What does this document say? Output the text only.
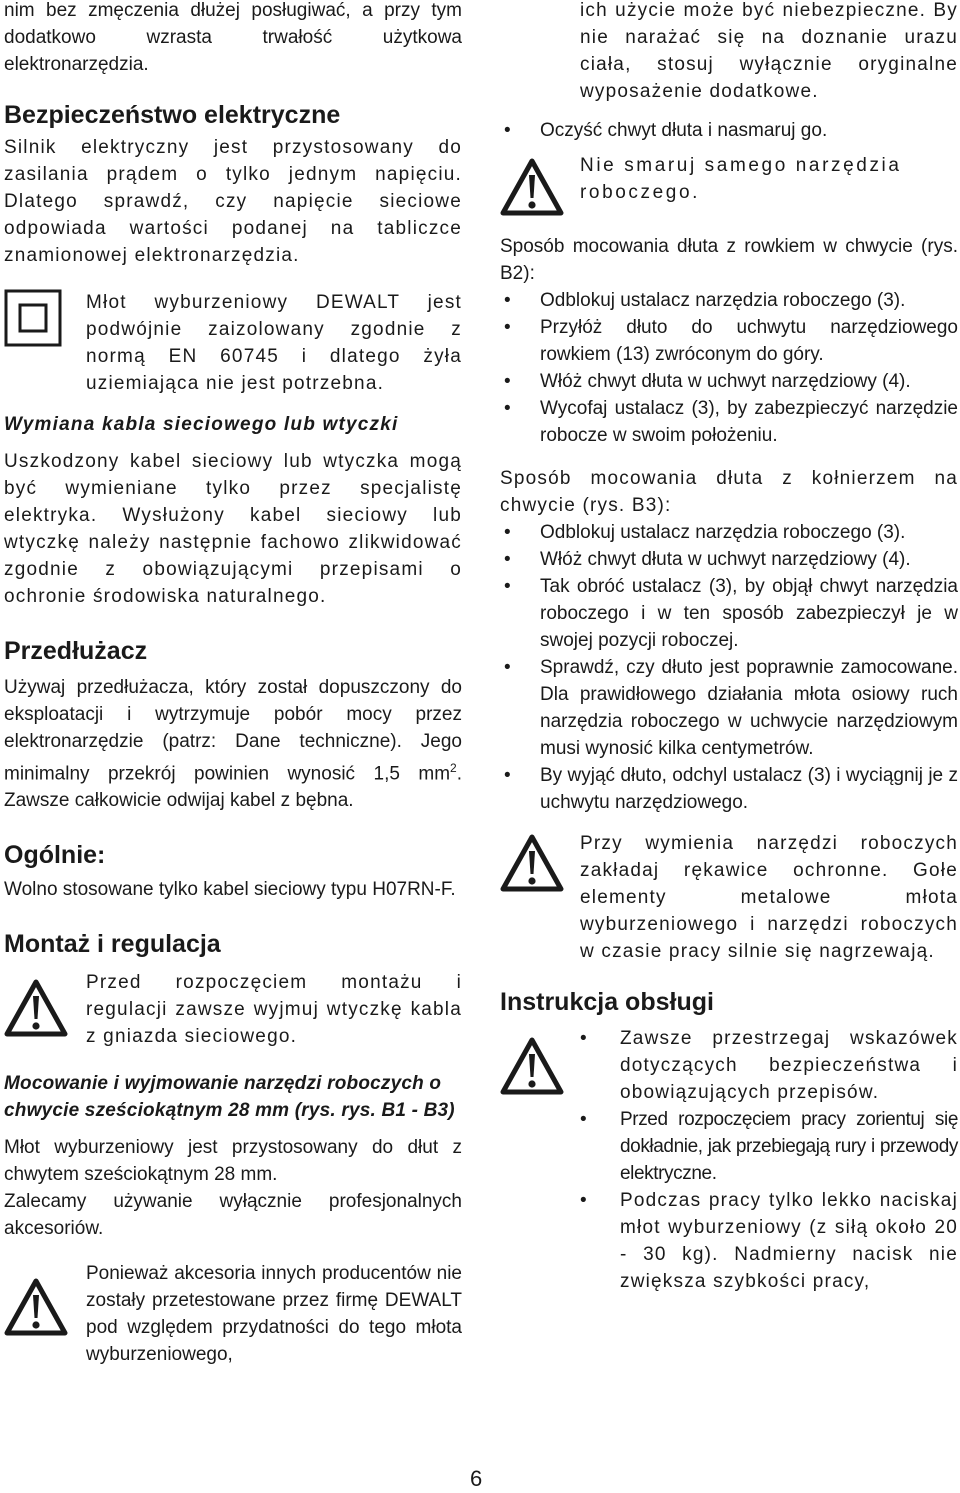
nim bez zmęczenia dłużej posługiwać, a przy tym dodatkowo wzrasta trwałość użytkowa elektronarzędzia.

Bezpieczeństwo elektryczne

Silnik elektryczny jest przystosowany do zasilania prądem o tylko jednym napięciu. Dlatego sprawdź, czy napięcie sieciowe odpowiada wartości podanej na tabliczce znamionowej elektronarzędzia.

Młot wyburzeniowy DEWALT jest podwójnie zaizolowany zgodnie z normą EN 60745 i dlatego żyła uziemiająca nie jest potrzebna.

Wymiana kabla sieciowego lub wtyczki

Uszkodzony kabel sieciowy lub wtyczka mogą być wymieniane tylko przez specjalistę elektryka. Wysłużony kabel sieciowy lub wtyczkę należy następnie fachowo zlikwidować zgodnie z obowiązującymi przepisami o ochronie środowiska naturalnego.

Przedłużacz

Używaj przedłużacza, który został dopuszczony do eksploatacji i wytrzymuje pobór mocy przez elektronarzędzie (patrz: Dane techniczne). Jego minimalny przekrój powinien wynosić 1,5 $mm^2$. Zawsze całkowicie odwijaj kabel z bębna.

Ogólnie:

Wolno stosowane tylko kabel sieciowy typu H07RN-F.

Montaż i regulacja

Przed rozpoczęciem montażu i regulacji zawsze wyjmuj wtyczkę kabla z gniazda sieciowego.

Mocowanie i wyjmowanie narzędzi roboczych o chwycie sześciokątnym 28 mm (rys. rys. B1 - B3)

Młot wyburzeniowy jest przystosowany do dłut z chwytem sześciokątnym 28 mm.

Zalecamy używanie wyłącznie profesjonalnych akcesoriów.

Ponieważ akcesoria innych producentów nie zostały przetestowane przez firmę DEWALT pod względem przydatności do tego młota wyburzeniowego,

ich użycie może być niebezpieczne. By nie narażać się na doznanie urazu ciała, stosuj wyłącznie oryginalne wyposażenie dodatkowe.

• Oczyść chwyt dłuta i nasmaruj go.

Nie smaruj samego narzędzia roboczego.

Sposób mocowania dłuta z rowkiem w chwycie (rys. B2):

• Odblokuj ustalacz narzędzia roboczego (3).
• Przyłóż dłuto do uchwytu narzędziowego rowkiem (13) zwróconym do góry.
• Włóż chwyt dłuta w uchwyt narzędziowy (4).
• Wycofaj ustalacz (3), by zabezpieczyć narzędzie robocze w swoim położeniu.

Sposób mocowania dłuta z kołnierzem na chwycie (rys. B3):

• Odblokuj ustalacz narzędzia roboczego (3).
• Włóż chwyt dłuta w uchwyt narzędziowy (4).
• Tak obróć ustalacz (3), by objął chwyt narzędzia roboczego i w ten sposób zabezpieczył je w swojej pozycji roboczej.
• Sprawdź, czy dłuto jest poprawnie zamocowane. Dla prawidłowego działania młota osiowy ruch narzędzia roboczego w uchwycie narzędziowym musi wynosić kilka centymetrów.
• By wyjąć dłuto, odchyl ustalacz (3) i wyciągnij je z uchwytu narzędziowego.

Przy wymienia narzędzi roboczych zakładaj rękawice ochronne. Gołe elementy metalowe młota wyburzeniowego i narzędzi roboczych w czasie pracy silnie się nagrzewają.

Instrukcja obsługi
• Zawsze przestrzegaj wskazówek dotyczących bezpieczeństwa i obowiązujących przepisów.
• Przed rozpoczęciem pracy zorientuj się dokładnie, jak przebiegają rury i przewody elektryczne.
• Podczas pracy tylko lekko naciskaj młot wyburzeniowy (z siłą około 20 - 30 kg). Nadmierny nacisk nie zwiększa szybkości pracy,
6
